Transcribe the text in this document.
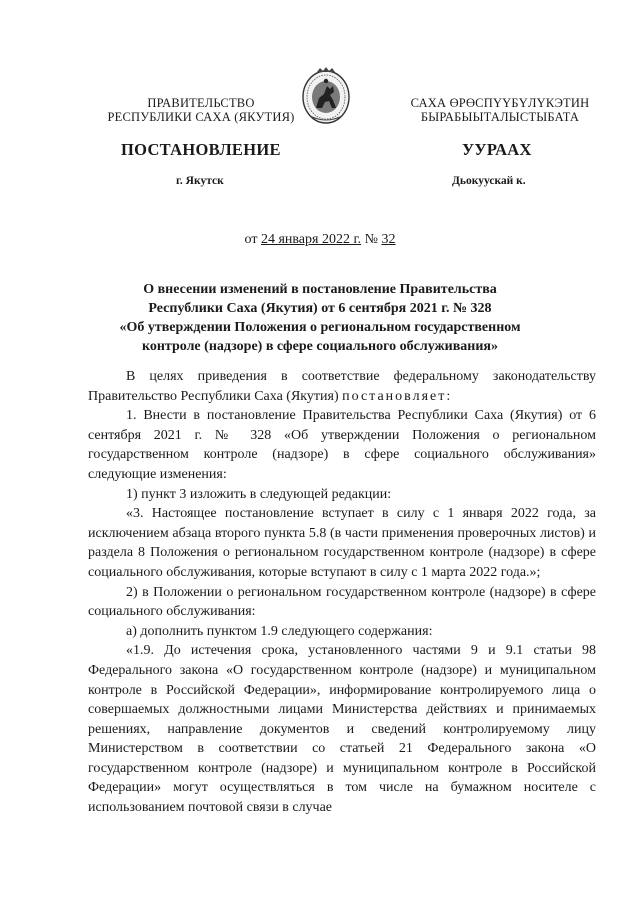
ПРАВИТЕЛЬСТВО
РЕСПУБЛИКИ САХА (ЯКУТИЯ)
САХА ӨРӨСПҮҮБҮЛҮКЭТИН
БЫРАБЫЫТАЛЫСТЫБАТА
ПОСТАНОВЛЕНИЕ	УУРААХ
г. Якутск	Дьокуускай к.
от 24 января 2022 г. № 32
О внесении изменений в постановление Правительства
Республики Саха (Якутия) от 6 сентября 2021 г. № 328
«Об утверждении Положения о региональном государственном
контроле (надзоре) в сфере социального обслуживания»

В целях приведения в соответствие федеральному законодательству Правительство Республики Саха (Якутия) постановляет:

1. Внести в постановление Правительства Республики Саха (Якутия) от 6 сентября 2021 г. № 328 «Об утверждении Положения о региональном государственном контроле (надзоре) в сфере социального обслуживания» следующие изменения:

1) пункт 3 изложить в следующей редакции:

«3. Настоящее постановление вступает в силу с 1 января 2022 года, за исключением абзаца второго пункта 5.8 (в части применения проверочных листов) и раздела 8 Положения о региональном государственном контроле (надзоре) в сфере социального обслуживания, которые вступают в силу с 1 марта 2022 года.»;

2) в Положении о региональном государственном контроле (надзоре) в сфере социального обслуживания:

а) дополнить пунктом 1.9 следующего содержания:

«1.9. До истечения срока, установленного частями 9 и 9.1 статьи 98 Федерального закона «О государственном контроле (надзоре) и муниципальном контроле в Российской Федерации», информирование контролируемого лица о совершаемых должностными лицами Министерства действиях и принимаемых решениях, направление документов и сведений контролируемому лицу Министерством в соответствии со статьей 21 Федерального закона «О государственном контроле (надзоре) и муниципальном контроле в Российской Федерации» могут осуществляться в том числе на бумажном носителе с использованием почтовой связи в случае
